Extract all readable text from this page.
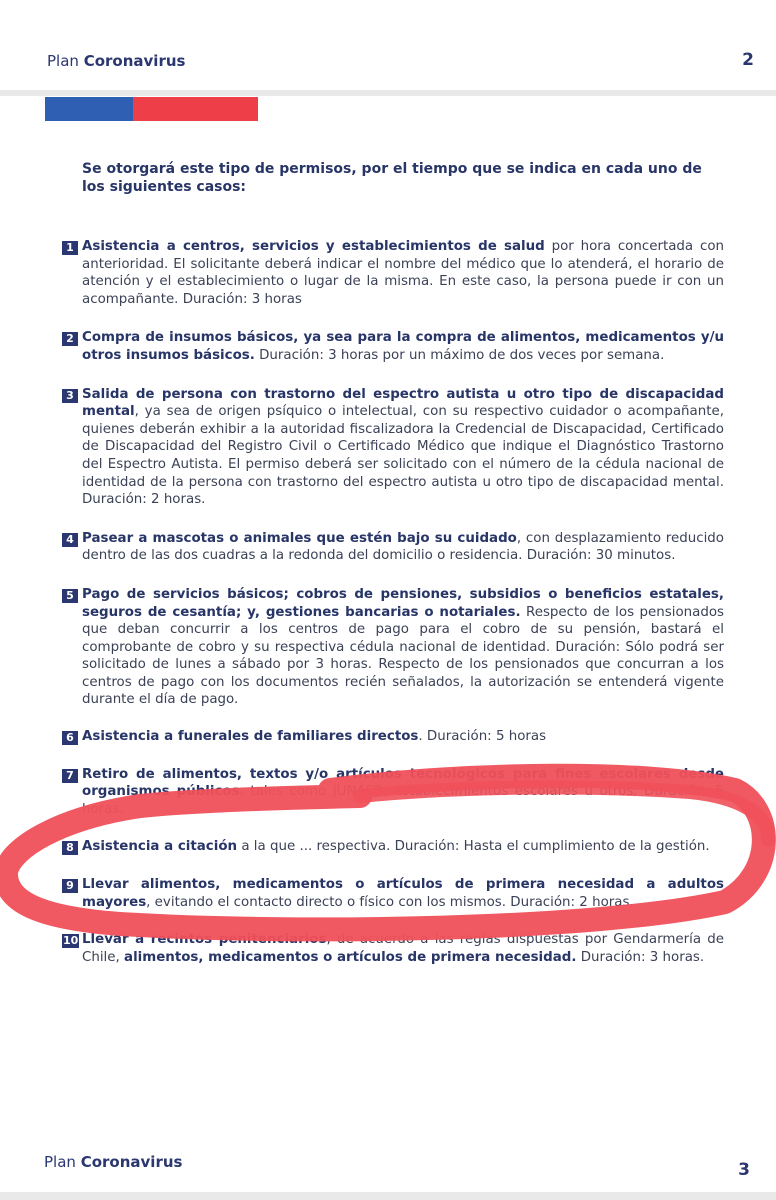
Plan Coronavirus	2

Se otorgará este tipo de permisos, por el tiempo que se indica en cada uno de los siguientes casos:

1 Asistencia a centros, servicios y establecimientos de salud por hora concertada con anterioridad. El solicitante deberá indicar el nombre del médico que lo atenderá, el horario de atención y el establecimiento o lugar de la misma. En este caso, la persona puede ir con un acompañante. Duración: 3 horas
2 Compra de insumos básicos, ya sea para la compra de alimentos, medicamentos y/u otros insumos básicos. Duración: 3 horas por un máximo de dos veces por semana.
3 Salida de persona con trastorno del espectro autista u otro tipo de discapacidad mental, ya sea de origen psíquico o intelectual, con su respectivo cuidador o acompañante, quienes deberán exhibir a la autoridad fiscalizadora la Credencial de Discapacidad, Certificado de Discapacidad del Registro Civil o Certificado Médico que indique el Diagnóstico Trastorno del Espectro Autista. El permiso deberá ser solicitado con el número de la cédula nacional de identidad de la persona con trastorno del espectro autista u otro tipo de discapacidad mental. Duración: 2 horas.
4 Pasear a mascotas o animales que estén bajo su cuidado, con desplazamiento reducido dentro de las dos cuadras a la redonda del domicilio o residencia. Duración: 30 minutos.
5 Pago de servicios básicos; cobros de pensiones, subsidios o beneficios estatales, seguros de cesantía; y, gestiones bancarias o notariales. Respecto de los pensionados que deban concurrir a los centros de pago para el cobro de su pensión, bastará el comprobante de cobro y su respectiva cédula nacional de identidad. Duración: Sólo podrá ser solicitado de lunes a sábado por 3 horas. Respecto de los pensionados que concurran a los centros de pago con los documentos recién señalados, la autorización se entenderá vigente durante el día de pago.
6 Asistencia a funerales de familiares directos. Duración: 5 horas
7 Retiro de alimentos, textos y/o artículos tecnológicos para fines escolares desde organismos públicos, tales como JUNAEB, establecimientos escolares u otros. Duración: 5 horas.
8 Asistencia a citación a la que ... respectiva. Duración: Hasta el cumplimiento de la gestión.
9 Llevar alimentos, medicamentos o artículos de primera necesidad a adultos mayores, evitando el contacto directo o físico con los mismos. Duración: 2 horas.
10 Llevar a recintos penitenciarios, de acuerdo a las reglas dispuestas por Gendarmería de Chile, alimentos, medicamentos o artículos de primera necesidad. Duración: 3 horas.
Plan Coronavirus	3
